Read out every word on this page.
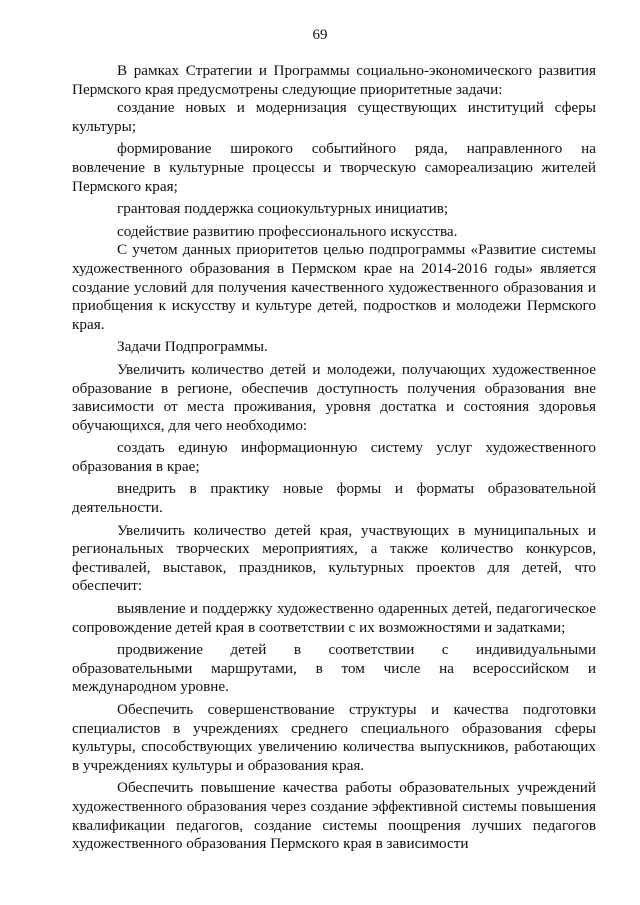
69

В рамках Стратегии и Программы социально-экономического развития Пермского края предусмотрены следующие приоритетные задачи:

создание новых и модернизация существующих институций сферы культуры;

формирование широкого событийного ряда, направленного на вовлечение в культурные процессы и творческую самореализацию жителей Пермского края;

грантовая поддержка социокультурных инициатив;

содействие развитию профессионального искусства.

С учетом данных приоритетов целью подпрограммы «Развитие системы художественного образования в Пермском крае на 2014-2016 годы» является создание условий для получения качественного художественного образования и приобщения к искусству и культуре детей, подростков и молодежи Пермского края.

Задачи Подпрограммы.

Увеличить количество детей и молодежи, получающих художественное образование в регионе, обеспечив доступность получения образования вне зависимости от места проживания, уровня достатка и состояния здоровья обучающихся, для чего необходимо:

создать единую информационную систему услуг художественного образования в крае;

внедрить в практику новые формы и форматы образовательной деятельности.

Увеличить количество детей края, участвующих в муниципальных и региональных творческих мероприятиях, а также количество конкурсов, фестивалей, выставок, праздников, культурных проектов для детей, что обеспечит:

выявление и поддержку художественно одаренных детей, педагогическое сопровождение детей края в соответствии с их возможностями и задатками;

продвижение детей в соответствии с индивидуальными образовательными маршрутами, в том числе на всероссийском и международном уровне.

Обеспечить совершенствование структуры и качества подготовки специалистов в учреждениях среднего специального образования сферы культуры, способствующих увеличению количества выпускников, работающих в учреждениях культуры и образования края.

Обеспечить повышение качества работы образовательных учреждений художественного образования через создание эффективной системы повышения квалификации педагогов, создание системы поощрения лучших педагогов художественного образования Пермского края в зависимости
